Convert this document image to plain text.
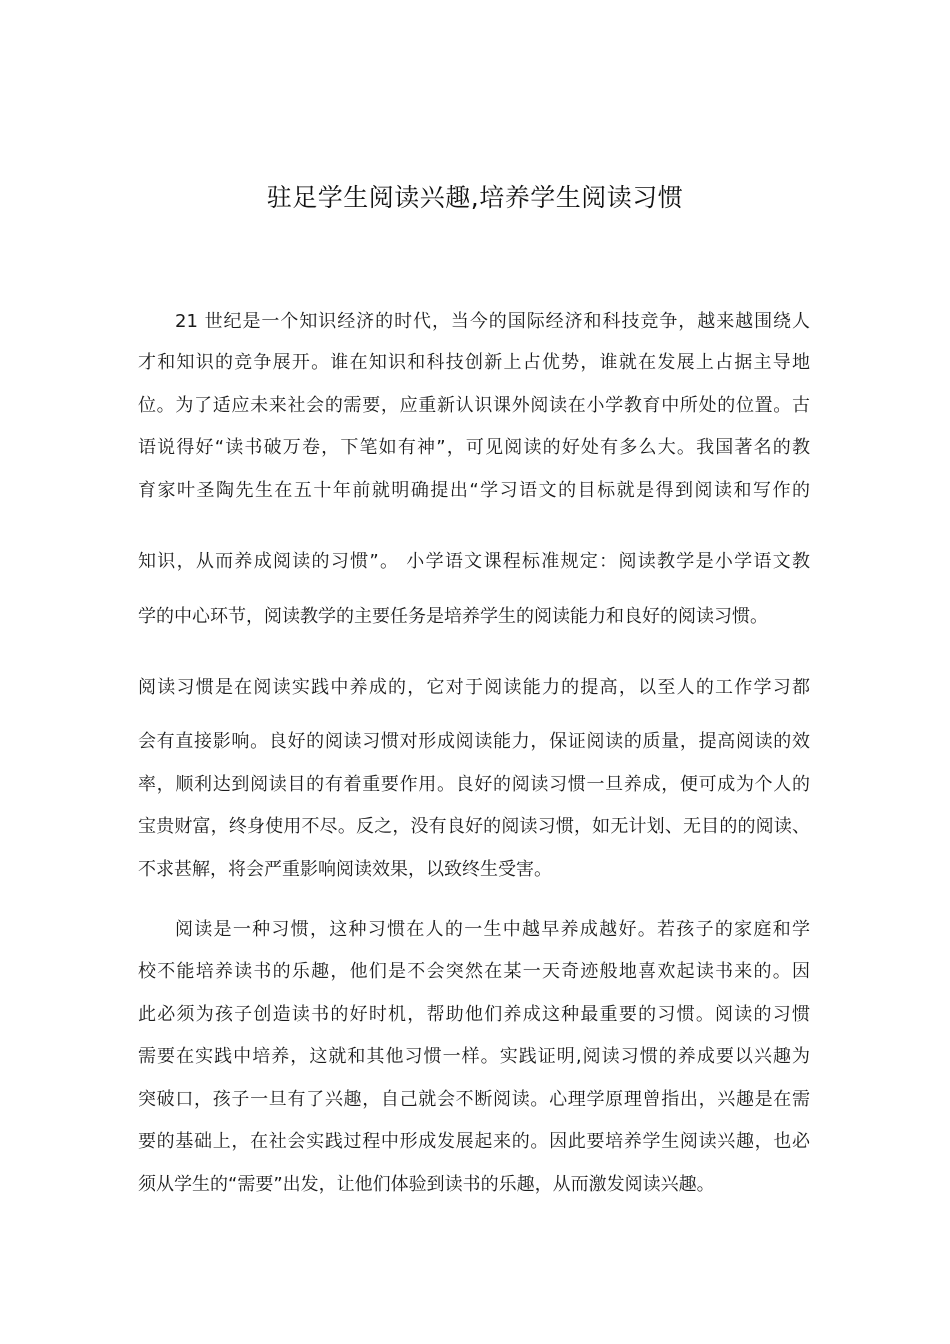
驻足学生阅读兴趣,培养学生阅读习惯
21 世纪是一个知识经济的时代，当今的国际经济和科技竞争，越来越围绕人
才和知识的竞争展开。谁在知识和科技创新上占优势，谁就在发展上占据主导地
位。为了适应未来社会的需要，应重新认识课外阅读在小学教育中所处的位置。古
语说得好“读书破万卷，下笔如有神”，可见阅读的好处有多么大。我国著名的教
育家叶圣陶先生在五十年前就明确提出“学习语文的目标就是得到阅读和写作的
知识，从而养成阅读的习惯”。 小学语文课程标准规定：阅读教学是小学语文教
学的中心环节，阅读教学的主要任务是培养学生的阅读能力和良好的阅读习惯。
阅读习惯是在阅读实践中养成的，它对于阅读能力的提高，以至人的工作学习都
会有直接影响。良好的阅读习惯对形成阅读能力，保证阅读的质量，提高阅读的效
率，顺利达到阅读目的有着重要作用。良好的阅读习惯一旦养成，便可成为个人的
宝贵财富，终身使用不尽。反之，没有良好的阅读习惯，如无计划、无目的的阅读、
不求甚解，将会严重影响阅读效果，以致终生受害。
阅读是一种习惯，这种习惯在人的一生中越早养成越好。若孩子的家庭和学
校不能培养读书的乐趣，他们是不会突然在某一天奇迹般地喜欢起读书来的。因
此必须为孩子创造读书的好时机，帮助他们养成这种最重要的习惯。阅读的习惯
需要在实践中培养，这就和其他习惯一样。实践证明,阅读习惯的养成要以兴趣为
突破口，孩子一旦有了兴趣，自己就会不断阅读。心理学原理曾指出，兴趣是在需
要的基础上，在社会实践过程中形成发展起来的。因此要培养学生阅读兴趣，也必
须从学生的“需要”出发，让他们体验到读书的乐趣，从而激发阅读兴趣。
